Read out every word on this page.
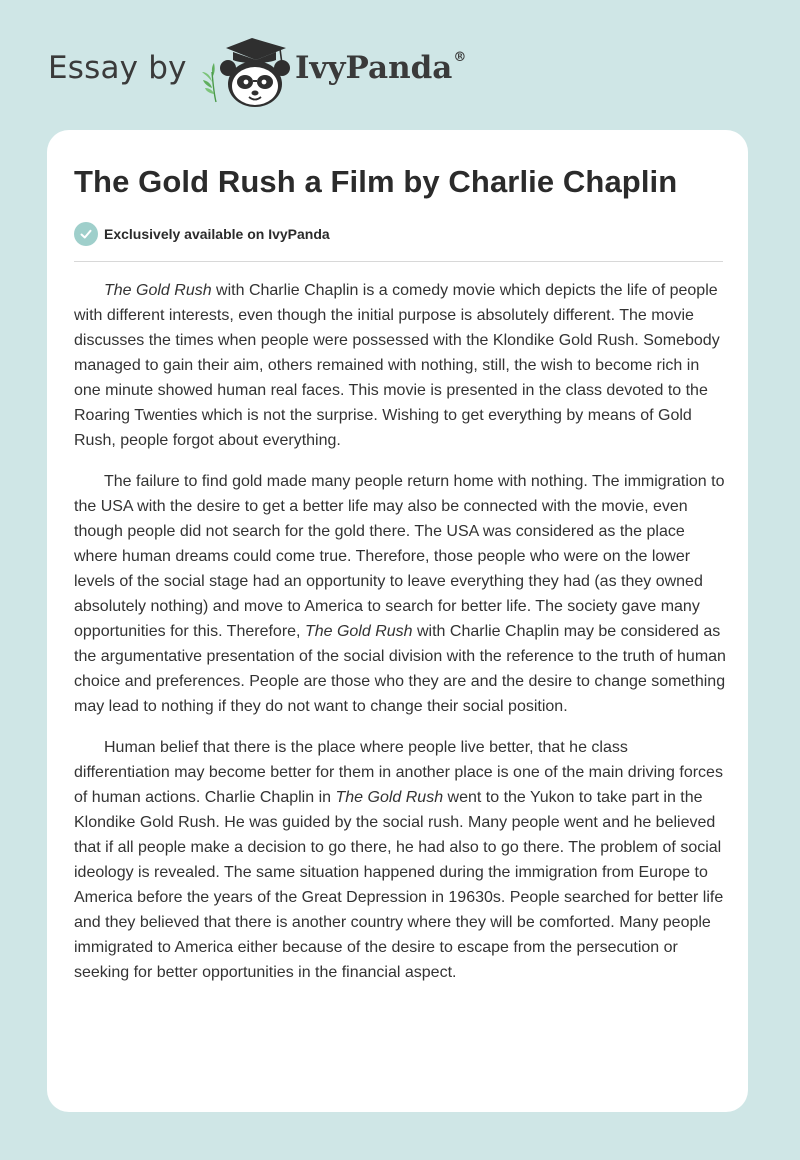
Essay by	IvyPanda®
The Gold Rush a Film by Charlie Chaplin
Exclusively available on IvyPanda

The Gold Rush with Charlie Chaplin is a comedy movie which depicts the life of people with different interests, even though the initial purpose is absolutely different. The movie discusses the times when people were possessed with the Klondike Gold Rush. Somebody managed to gain their aim, others remained with nothing, still, the wish to become rich in one minute showed human real faces. This movie is presented in the class devoted to the Roaring Twenties which is not the surprise. Wishing to get everything by means of Gold Rush, people forgot about everything.

The failure to find gold made many people return home with nothing. The immigration to the USA with the desire to get a better life may also be connected with the movie, even though people did not search for the gold there. The USA was considered as the place where human dreams could come true. Therefore, those people who were on the lower levels of the social stage had an opportunity to leave everything they had (as they owned absolutely nothing) and move to America to search for better life. The society gave many opportunities for this. Therefore, The Gold Rush with Charlie Chaplin may be considered as the argumentative presentation of the social division with the reference to the truth of human choice and preferences. People are those who they are and the desire to change something may lead to nothing if they do not want to change their social position.

Human belief that there is the place where people live better, that he class differentiation may become better for them in another place is one of the main driving forces of human actions. Charlie Chaplin in The Gold Rush went to the Yukon to take part in the Klondike Gold Rush. He was guided by the social rush. Many people went and he believed that if all people make a decision to go there, he had also to go there. The problem of social ideology is revealed. The same situation happened during the immigration from Europe to America before the years of the Great Depression in 19630s. People searched for better life and they believed that there is another country where they will be comforted. Many people immigrated to America either because of the desire to escape from the persecution or seeking for better opportunities in the financial aspect.
